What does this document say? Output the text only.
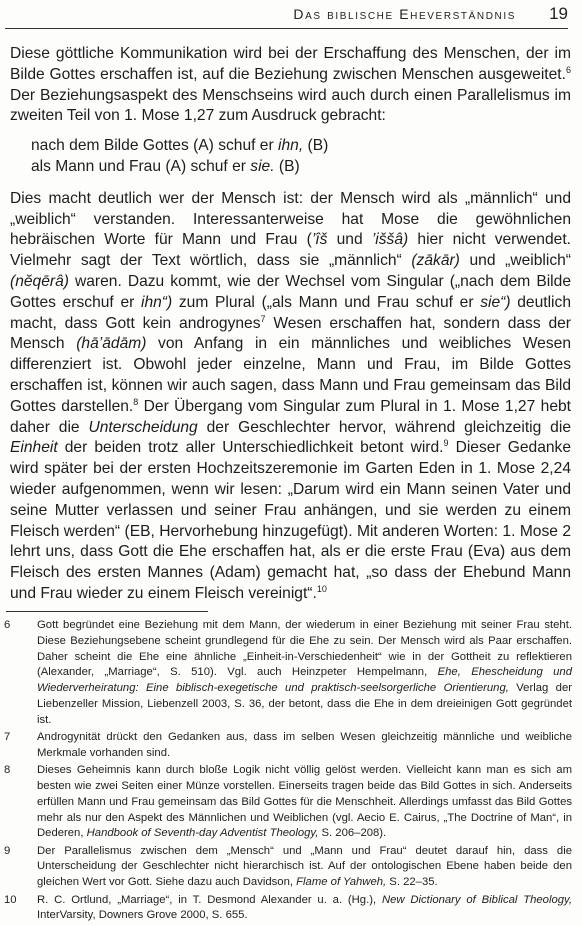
Das biblische Eheverständnis 19

Diese göttliche Kommunikation wird bei der Erschaffung des Menschen, der im Bilde Gottes erschaffen ist, auf die Beziehung zwischen Menschen ausgeweitet.$^6$ Der Beziehungsaspekt des Menschseins wird auch durch einen Parallelismus im zweiten Teil von 1. Mose 1,27 zum Ausdruck gebracht:

nach dem Bilde Gottes (A) schuf er ihn, (B)
als Mann und Frau (A) schuf er sie. (B)

Dies macht deutlich wer der Mensch ist: der Mensch wird als „männlich“ und „weiblich“ verstanden. Interessanterweise hat Mose die gewöhnlichen hebräischen Worte für Mann und Frau (’îš und ’iššâ) hier nicht verwendet. Vielmehr sagt der Text wörtlich, dass sie „männlich“ (zākār) und „weiblich“ (nĕqērâ) waren. Dazu kommt, wie der Wechsel vom Singular („nach dem Bilde Gottes erschuf er ihn“) zum Plural („als Mann und Frau schuf er sie“) deutlich macht, dass Gott kein androgynes$^7$ Wesen erschaffen hat, sondern dass der Mensch (hā’ādām) von Anfang in ein männliches und weibliches Wesen differenziert ist. Obwohl jeder einzelne, Mann und Frau, im Bilde Gottes erschaffen ist, können wir auch sagen, dass Mann und Frau gemeinsam das Bild Gottes darstellen.$^8$ Der Übergang vom Singular zum Plural in 1. Mose 1,27 hebt daher die Unterscheidung der Geschlechter hervor, während gleichzeitig die Einheit der beiden trotz aller Unterschiedlichkeit betont wird.$^9$ Dieser Gedanke wird später bei der ersten Hochzeitszeremonie im Garten Eden in 1. Mose 2,24 wieder aufgenommen, wenn wir lesen: „Darum wird ein Mann seinen Vater und seine Mutter verlassen und seiner Frau anhängen, und sie werden zu einem Fleisch werden“ (EB, Hervorhebung hinzugefügt). Mit anderen Worten: 1. Mose 2 lehrt uns, dass Gott die Ehe erschaffen hat, als er die erste Frau (Eva) aus dem Fleisch des ersten Mannes (Adam) gemacht hat, „so dass der Ehebund Mann und Frau wieder zu einem Fleisch vereinigt“.$^{10}$

6	Gott begründet eine Beziehung mit dem Mann, der wiederum in einer Beziehung mit seiner Frau steht. Diese Beziehungsebene scheint grundlegend für die Ehe zu sein. Der Mensch wird als Paar erschaffen. Daher scheint die Ehe eine ähnliche „Einheit-in-Verschiedenheit“ wie in der Gottheit zu reflektieren (Alexander, „Marriage“, S. 510). Vgl. auch Heinzpeter Hempelmann, Ehe, Ehescheidung und Wiederverheiratung: Eine biblisch-exegetische und praktisch-seelsorgerliche Orientierung, Verlag der Liebenzeller Mission, Liebenzell 2003, S. 36, der betont, dass die Ehe in dem dreieinigen Gott gegründet ist.
7	Androgynität drückt den Gedanken aus, dass im selben Wesen gleichzeitig männliche und weibliche Merkmale vorhanden sind.
8	Dieses Geheimnis kann durch bloße Logik nicht völlig gelöst werden. Vielleicht kann man es sich am besten wie zwei Seiten einer Münze vorstellen. Einerseits tragen beide das Bild Gottes in sich. Anderseits erfüllen Mann und Frau gemeinsam das Bild Gottes für die Menschheit. Allerdings umfasst das Bild Gottes mehr als nur den Aspekt des Männlichen und Weiblichen (vgl. Aecio E. Cairus, „The Doctrine of Man“, in Dederen, Handbook of Seventh-day Adventist Theology, S. 206–208).
9	Der Parallelismus zwischen dem „Mensch“ und „Mann und Frau“ deutet darauf hin, dass die Unterscheidung der Geschlechter nicht hierarchisch ist. Auf der ontologischen Ebene haben beide den gleichen Wert vor Gott. Siehe dazu auch Davidson, Flame of Yahweh, S. 22–35.
10	R. C. Ortlund, „Marriage“, in T. Desmond Alexander u. a. (Hg.), New Dictionary of Biblical Theology, InterVarsity, Downers Grove 2000, S. 655.
